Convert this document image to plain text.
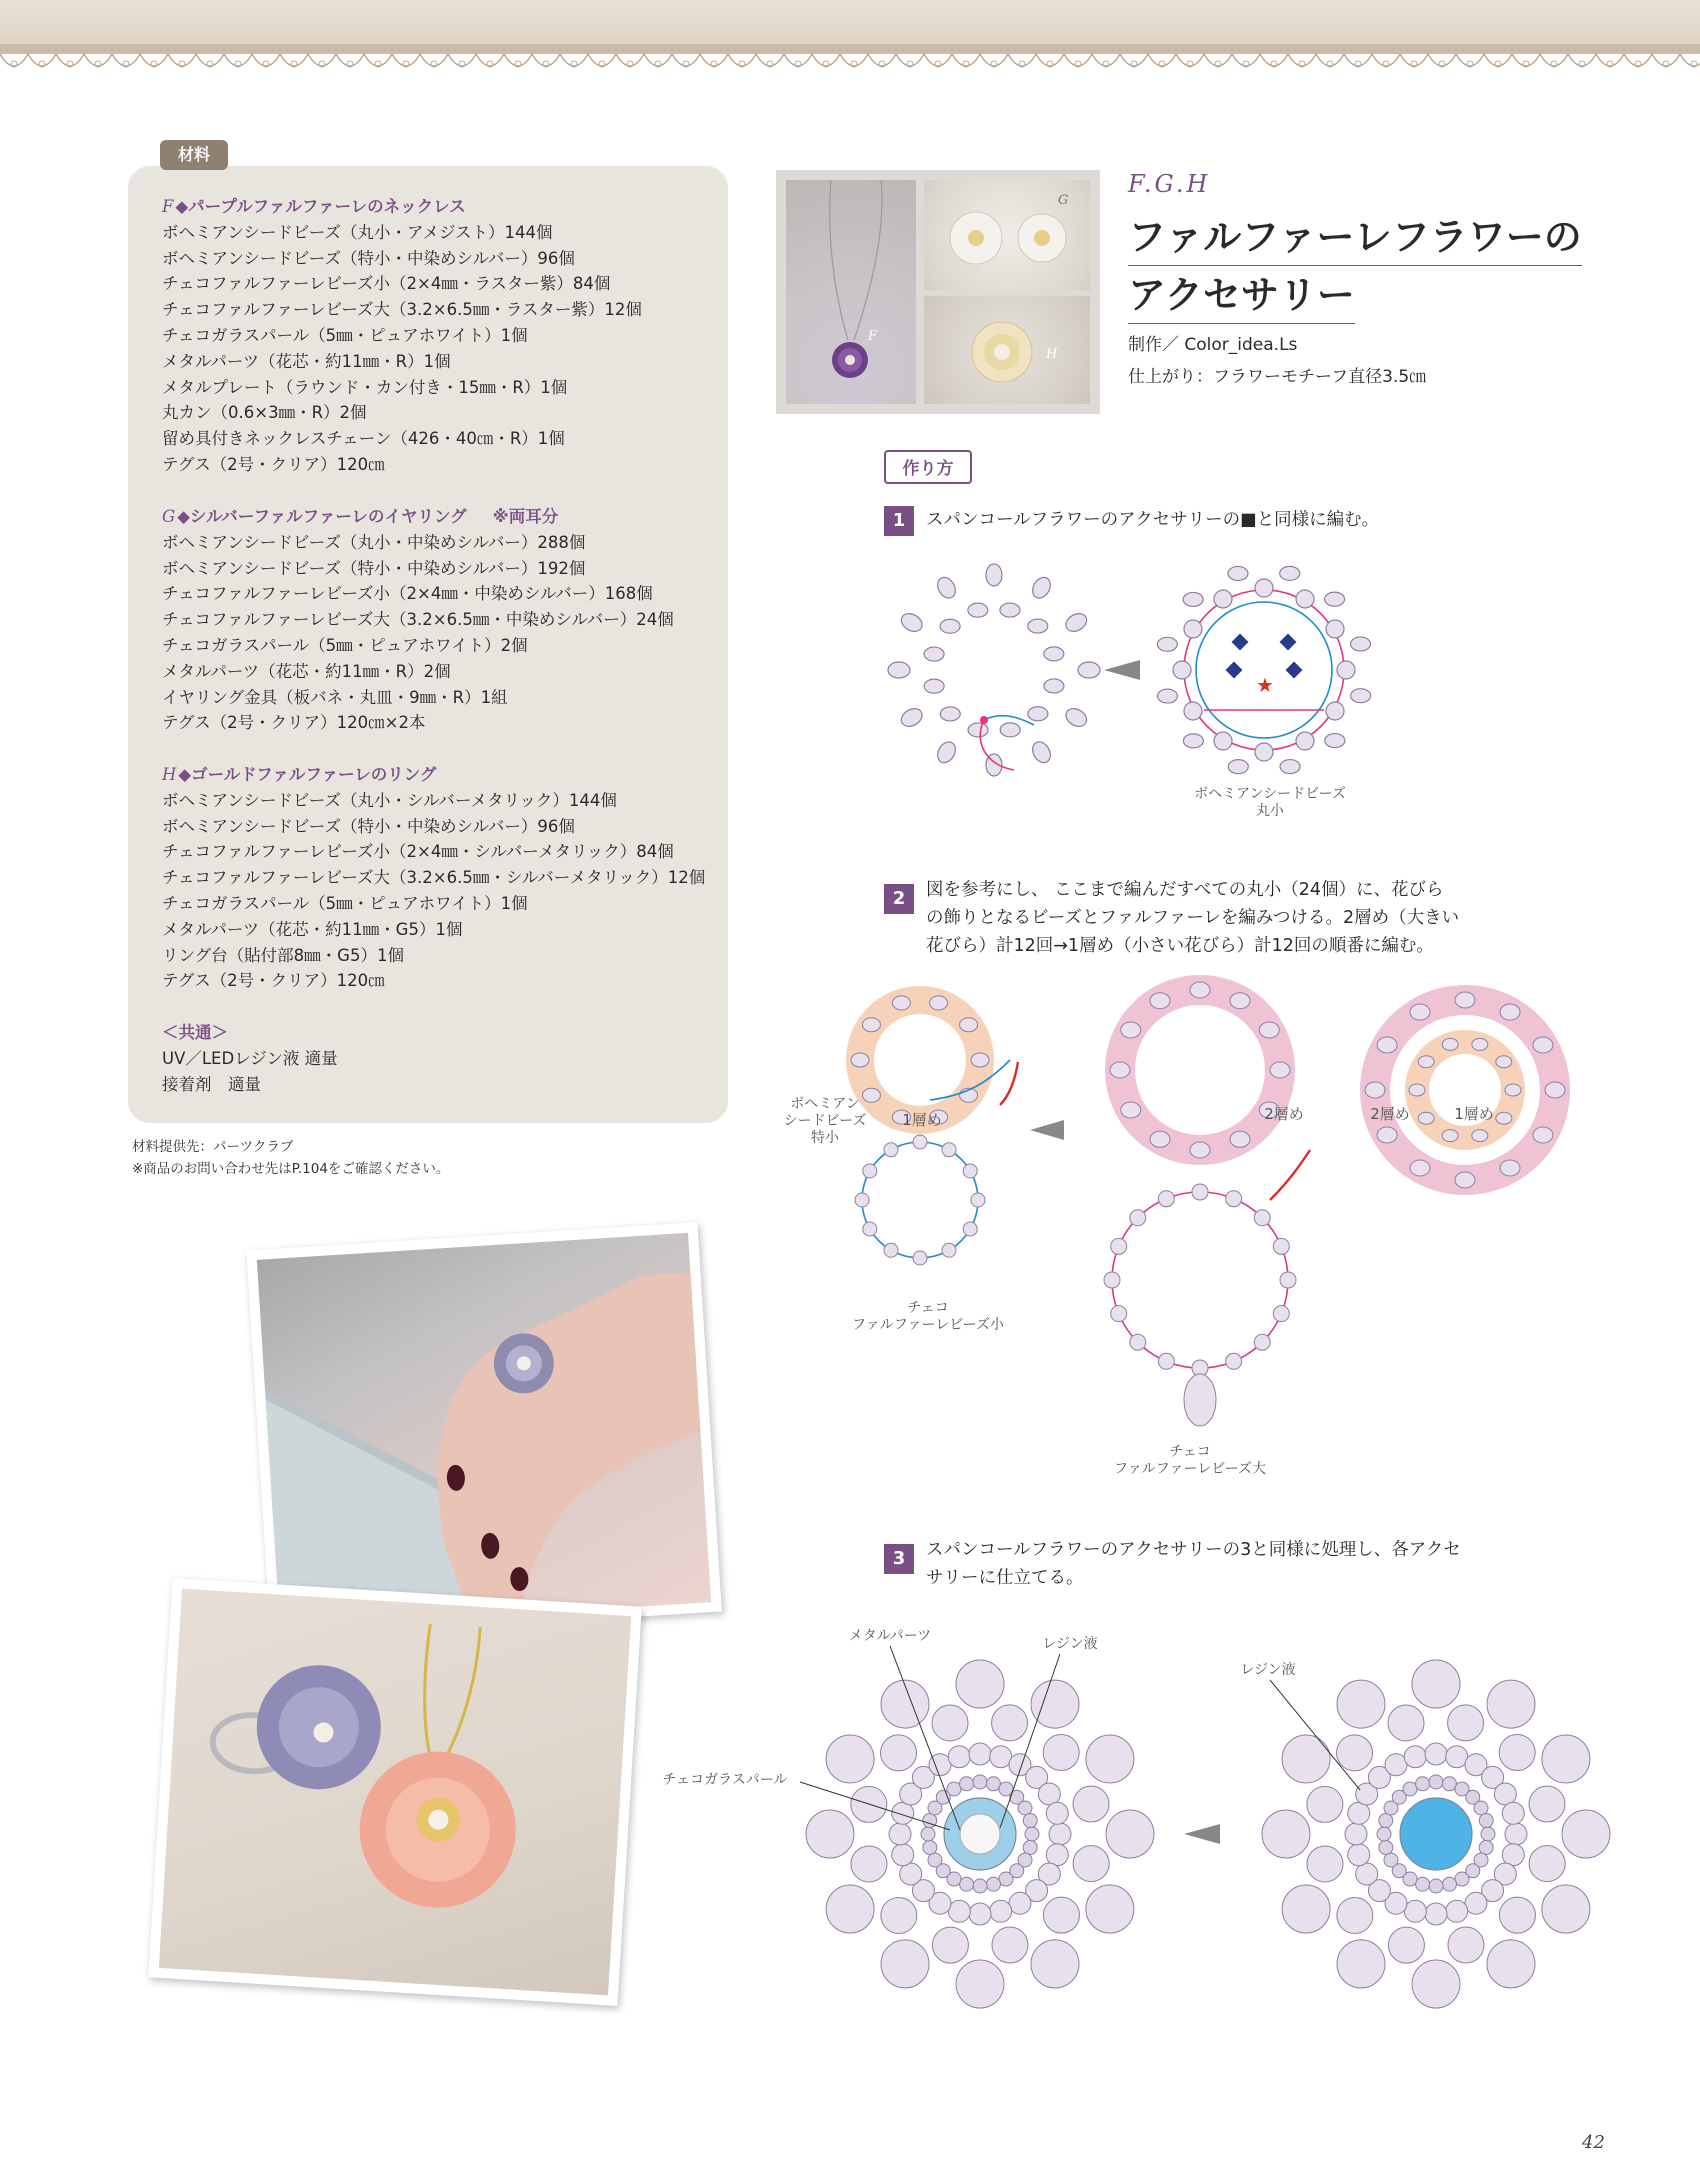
材料
F ◆パープルファルファーレのネックレス
ボヘミアンシードビーズ（丸小・アメジスト）144個
ボヘミアンシードビーズ（特小・中染めシルバー）96個
チェコファルファーレビーズ小（2×4㎜・ラスター紫）84個
チェコファルファーレビーズ大（3.2×6.5㎜・ラスター紫）12個
チェコガラスパール（5㎜・ピュアホワイト）1個
メタルパーツ（花芯・約11㎜・R）1個
メタルプレート（ラウンド・カン付き・15㎜・R）1個
丸カン（0.6×3㎜・R）2個
留め具付きネックレスチェーン（426・40㎝・R）1個
テグス（2号・クリア）120㎝
G ◆シルバーファルファーレのイヤリング ※両耳分
ボヘミアンシードビーズ（丸小・中染めシルバー）288個
ボヘミアンシードビーズ（特小・中染めシルバー）192個
チェコファルファーレビーズ小（2×4㎜・中染めシルバー）168個
チェコファルファーレビーズ大（3.2×6.5㎜・中染めシルバー）24個
チェコガラスパール（5㎜・ピュアホワイト）2個
メタルパーツ（花芯・約11㎜・R）2個
イヤリング金具（板バネ・丸皿・9㎜・R）1組
テグス（2号・クリア）120㎝×2本
H ◆ゴールドファルファーレのリング
ボヘミアンシードビーズ（丸小・シルバーメタリック）144個
ボヘミアンシードビーズ（特小・中染めシルバー）96個
チェコファルファーレビーズ小（2×4㎜・シルバーメタリック）84個
チェコファルファーレビーズ大（3.2×6.5㎜・シルバーメタリック）12個
チェコガラスパール（5㎜・ピュアホワイト）1個
メタルパーツ（花芯・約11㎜・G5）1個
リング台（貼付部8㎜・G5）1個
テグス（2号・クリア）120㎝
＜共通＞
UV／LEDレジン液 適量
接着剤　適量
材料提供先：パーツクラブ
※商品のお問い合わせ先はP.104をご確認ください。
F
G
H
F.G.H
ファルファーレフラワーの
アクセサリー
制作／ Color_idea.Ls
仕上がり：フラワーモチーフ直径3.5㎝
作り方
1	スパンコールフラワーのアクセサリーの■と同様に編む。
★
ボヘミアンシードビーズ
丸小
2	図を参考にし、 ここまで編んだすべての丸小（24個）に、花びら
の飾りとなるビーズとファルファーレを編みつける。2層め（大きい
花びら）計12回→1層め（小さい花びら）計12回の順番に編む。
1層め	2層め	2層め	1層め
ボヘミアン
シードビーズ
特小
チェコ
ファルファーレビーズ小
チェコ
ファルファーレビーズ大
3	スパンコールフラワーのアクセサリーの3と同様に処理し、各アクセ
サリーに仕立てる。
メタルパーツ	レジン液
チェコガラスパール
レジン液
42
